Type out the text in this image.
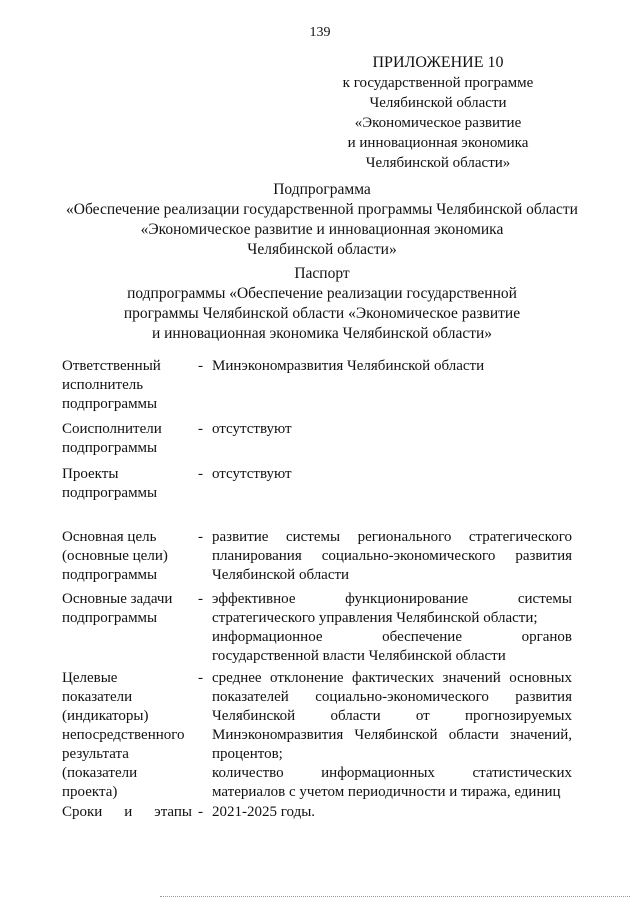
139
ПРИЛОЖЕНИЕ 10
к государственной программе
Челябинской области
«Экономическое развитие
и инновационная экономика
Челябинской области»
Подпрограмма
«Обеспечение реализации государственной программы Челябинской области
«Экономическое развитие и инновационная экономика
Челябинской области»
Паспорт
подпрограммы «Обеспечение реализации государственной
программы Челябинской области «Экономическое развитие
и инновационная экономика Челябинской области»
Ответственный
исполнитель
подпрограммы
- Минэкономразвития Челябинской области
Соисполнители
подпрограммы
- отсутствуют
Проекты
подпрограммы
- отсутствуют
Основная цель
(основные цели)
подпрограммы
- развитие системы регионального стратегического
планирования социально-экономического развития
Челябинской области
Основные задачи
подпрограммы
- эффективное функционирование системы
стратегического управления Челябинской области;
информационное обеспечение органов
государственной власти Челябинской области
Целевые
показатели
(индикаторы)
непосредственного
результата
(показатели
проекта)
- среднее отклонение фактических значений основных
показателей социально-экономического развития
Челябинской области от прогнозируемых
Минэкономразвития Челябинской области значений,
процентов;
количество информационных статистических
материалов с учетом периодичности и тиража, единиц
Сроки и этапы - 2021-2025 годы.
